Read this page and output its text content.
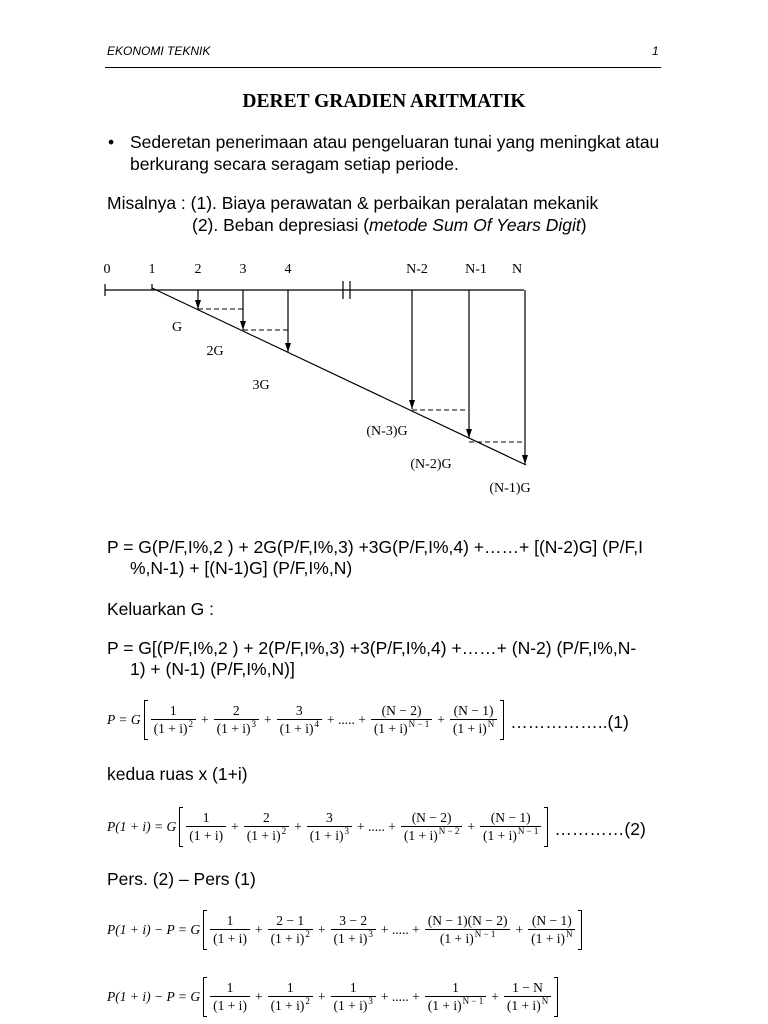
EKONOMI TEKNIK	1
DERET GRADIEN ARITMATIK
• Sederetan penerimaan atau pengeluaran tunai yang meningkat atau
berkurang secara seragam setiap periode.
Misalnya : (1). Biaya perawatan & perbaikan peralatan mekanik
(2). Beban depresiasi (metode Sum Of Years Digit)
0	1	2	3	4	N-2	N-1 N
G
2G
3G
(N-3)G
(N-2)G
(N-1)G
P = G(P/F,I%,2 ) + 2G(P/F,I%,3) +3G(P/F,I%,4) +……+ [(N-2)G] (P/F,I
%,N-1) + [(N-1)G] (P/F,I%,N)
Keluarkan G :
P = G[(P/F,I%,2 ) + 2(P/F,I%,3) +3(P/F,I%,4) +……+ (N-2) (P/F,I%,N-
1) + (N-1) (P/F,I%,N)]
P = G $\frac{1}{(1 + i)^2} + \frac{2}{(1 + i)^3} + \frac{3}{(1 + i)^4}$ + ..... + $\frac{(N - 2)}{(1 + i)^{N - 1}} + \frac{(N - 1)}{(1 + i)^N}$ ……………..(1)
kedua ruas x (1+i)
P(1 + i) = G $\frac{1}{(1 + i)} + \frac{2}{(1 + i)^2} + \frac{3}{(1 + i)^3}$ + ..... + $\frac{(N - 2)}{(1 + i)^{N - 2}} + \frac{(N - 1)}{(1 + i)^{N - 1}}$ …………(2)
Pers. (2) – Pers (1)
P(1 + i) − P = G $\frac{1}{(1 + i)} + \frac{2 - 1}{(1 + i)^2} + \frac{3 - 2}{(1 + i)^3}$ + ..... + $\frac{(N - 1)(N - 2)}{(1 + i)^{N - 1}} + \frac{(N - 1)}{(1 + i)^N}$
P(1 + i) − P = G $\frac{1}{(1 + i)} + \frac{1}{(1 + i)^2} + \frac{1}{(1 + i)^3}$ + ..... + $\frac{1}{(1 + i)^{N - 1}} + \frac{1 - N}{(1 + i)^N}$
